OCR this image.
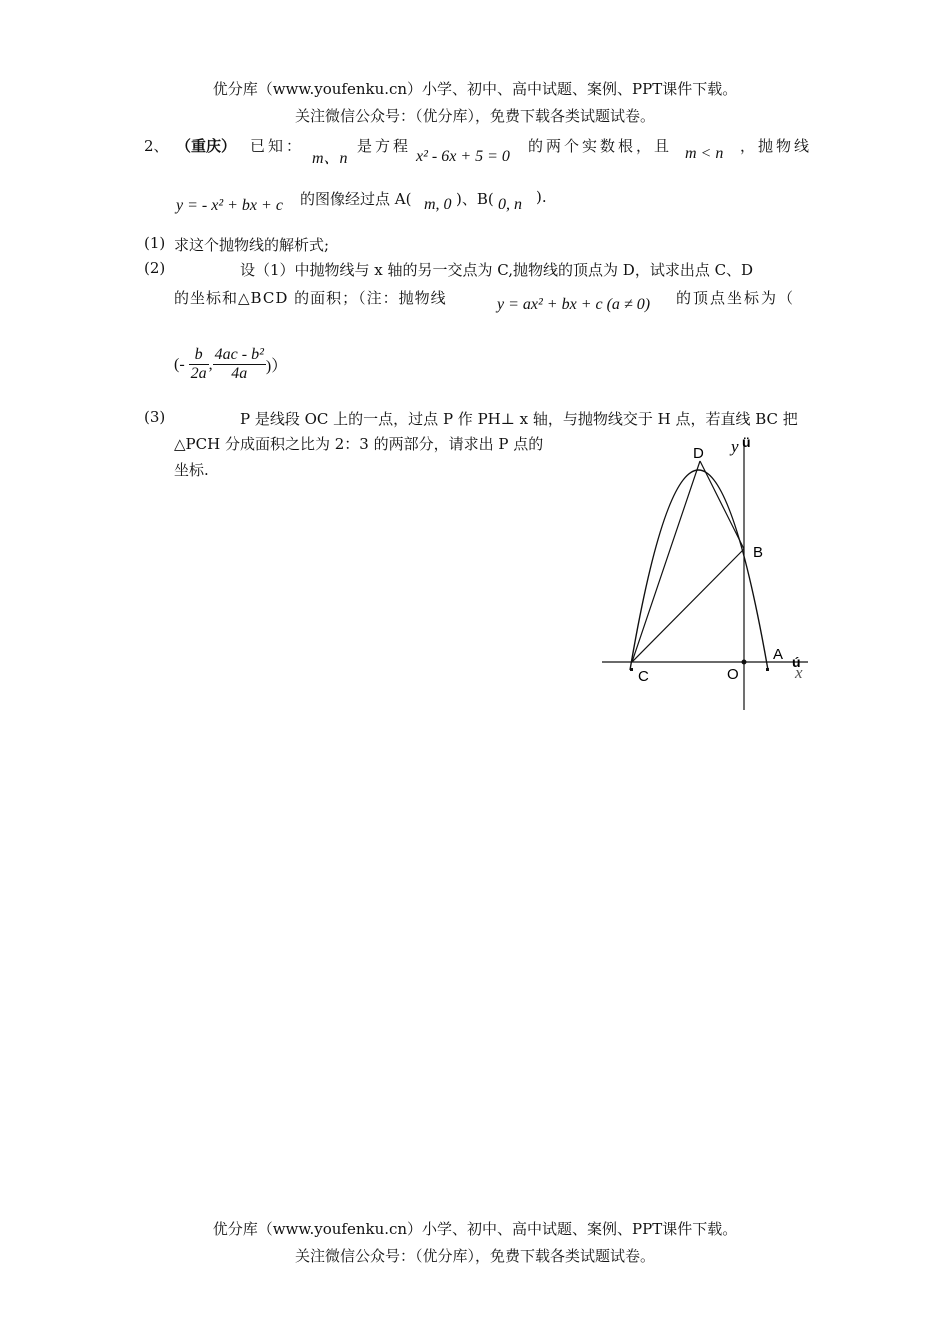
优分库（www.youfenku.cn）小学、初中、高中试题、案例、PPT课件下载。
关注微信公众号：（优分库），免费下载各类试题试卷。
2、 （重庆） 已知：
m、n
是方程
x² - 6x + 5 = 0
的两个实数根，且 m < n ，抛物线
y = - x² + bx + c 的图像经过点 A( m, 0 )、B( 0, n ).
(1) 求这个抛物线的解析式;
(2)	设（1）中抛物线与 x 轴的另一交点为 C,抛物线的顶点为 D，试求出点 C、D
的坐标和△BCD 的面积；（注：抛物线	y = ax² + bx + c (a ≠ 0) 的顶点坐标为（
(- $\frac{b}{2a}$ , $\frac{\text{4ac - b²}}{4a}$ )）
(3)	P 是线段 OC 上的一点，过点 P 作 PH⊥ x 轴，与抛物线交于 H 点，若直线 BC 把
△PCH 分成面积之比为 2：3 的两部分，请求出 P 点的
坐标.
D
B
A
C	O
y ü
x
ú
优分库（www.youfenku.cn）小学、初中、高中试题、案例、PPT课件下载。
关注微信公众号：（优分库），免费下载各类试题试卷。
